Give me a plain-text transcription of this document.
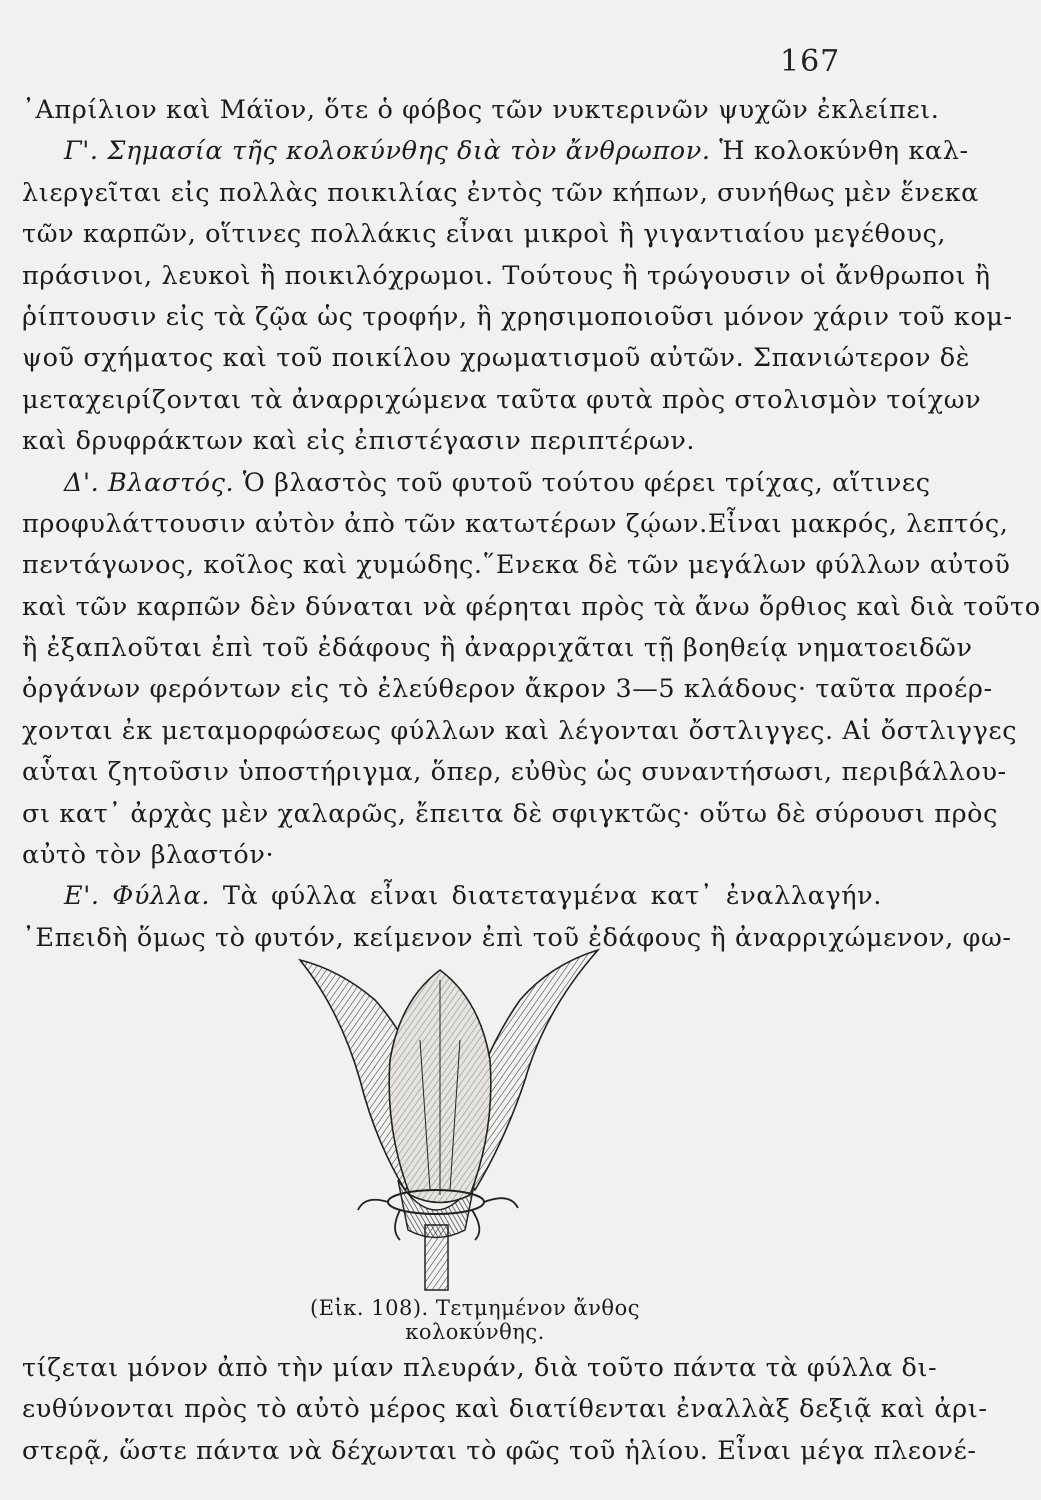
167
᾽Απρίλιον καὶ Μάϊον, ὅτε ὁ φόβος τῶν νυκτερινῶν ψυχῶν ἐκλείπει.
Γ'. Σημασία τῆς κολοκύνθης διὰ τὸν ἄνθρωπον. Ἡ κολοκύνθη καλ-
λιεργεῖται εἰς πολλὰς ποικιλίας ἐντὸς τῶν κήπων, συνήθως μὲν ἕνεκα
τῶν καρπῶν, οἵτινες πολλάκις εἶναι μικροὶ ἢ γιγαντιαίου μεγέθους,
πράσινοι, λευκοὶ ἢ ποικιλόχρωμοι. Τούτους ἢ τρώγουσιν οἱ ἄνθρωποι ἢ
ῥίπτουσιν εἰς τὰ ζῷα ὡς τροφήν, ἢ χρησιμοποιοῦσι μόνον χάριν τοῦ κομ-
ψοῦ σχήματος καὶ τοῦ ποικίλου χρωματισμοῦ αὐτῶν. Σπανιώτερον δὲ
μεταχειρίζονται τὰ ἀναρριχώμενα ταῦτα φυτὰ πρὸς στολισμὸν τοίχων
καὶ δρυφράκτων καὶ εἰς ἐπιστέγασιν περιπτέρων.
Δ'. Βλαστός. Ὁ βλαστὸς τοῦ φυτοῦ τούτου φέρει τρίχας, αἵτινες
προφυλάττουσιν αὐτὸν ἀπὸ τῶν κατωτέρων ζῴων.Εἶναι μακρός, λεπτός,
πεντάγωνος, κοῖλος καὶ χυμώδης.῞Ενεκα δὲ τῶν μεγάλων φύλλων αὐτοῦ
καὶ τῶν καρπῶν δὲν δύναται νὰ φέρηται πρὸς τὰ ἄνω ὄρθιος καὶ διὰ τοῦτο
ἢ ἐξαπλοῦται ἐπὶ τοῦ ἐδάφους ἢ ἀναρριχᾶται τῇ βοηθείᾳ νηματοειδῶν
ὀργάνων φερόντων εἰς τὸ ἐλεύθερον ἄκρον 3—5 κλάδους· ταῦτα προέρ-
χονται ἐκ μεταμορφώσεως φύλλων καὶ λέγονται ὄστλιγγες. Αἱ ὄστλιγγες
αὗται ζητοῦσιν ὑποστήριγμα, ὅπερ, εὐθὺς ὡς συναντήσωσι, περιβάλλου-
σι κατ᾽ ἀρχὰς μὲν χαλαρῶς, ἔπειτα δὲ σφιγκτῶς· οὕτω δὲ σύρουσι πρὸς
αὐτὸ τὸν βλαστόν·
Ε'. Φύλλα. Τὰ φύλλα εἶναι διατεταγμένα κατ᾽ ἐναλλαγήν.
᾽Επειδὴ ὅμως τὸ φυτόν, κείμενον ἐπὶ τοῦ ἐδάφους ἢ ἀναρριχώμενον, φω-
(Εἰκ. 108). Τετμημένον ἄνθος κολοκύνθης.
τίζεται μόνον ἀπὸ τὴν μίαν πλευράν, διὰ τοῦτο πάντα τὰ φύλλα δι-
ευθύνονται πρὸς τὸ αὐτὸ μέρος καὶ διατίθενται ἐναλλὰξ δεξιᾷ καὶ ἀρι-
στερᾷ, ὥστε πάντα νὰ δέχωνται τὸ φῶς τοῦ ἡλίου. Εἶναι μέγα πλεονέ-
